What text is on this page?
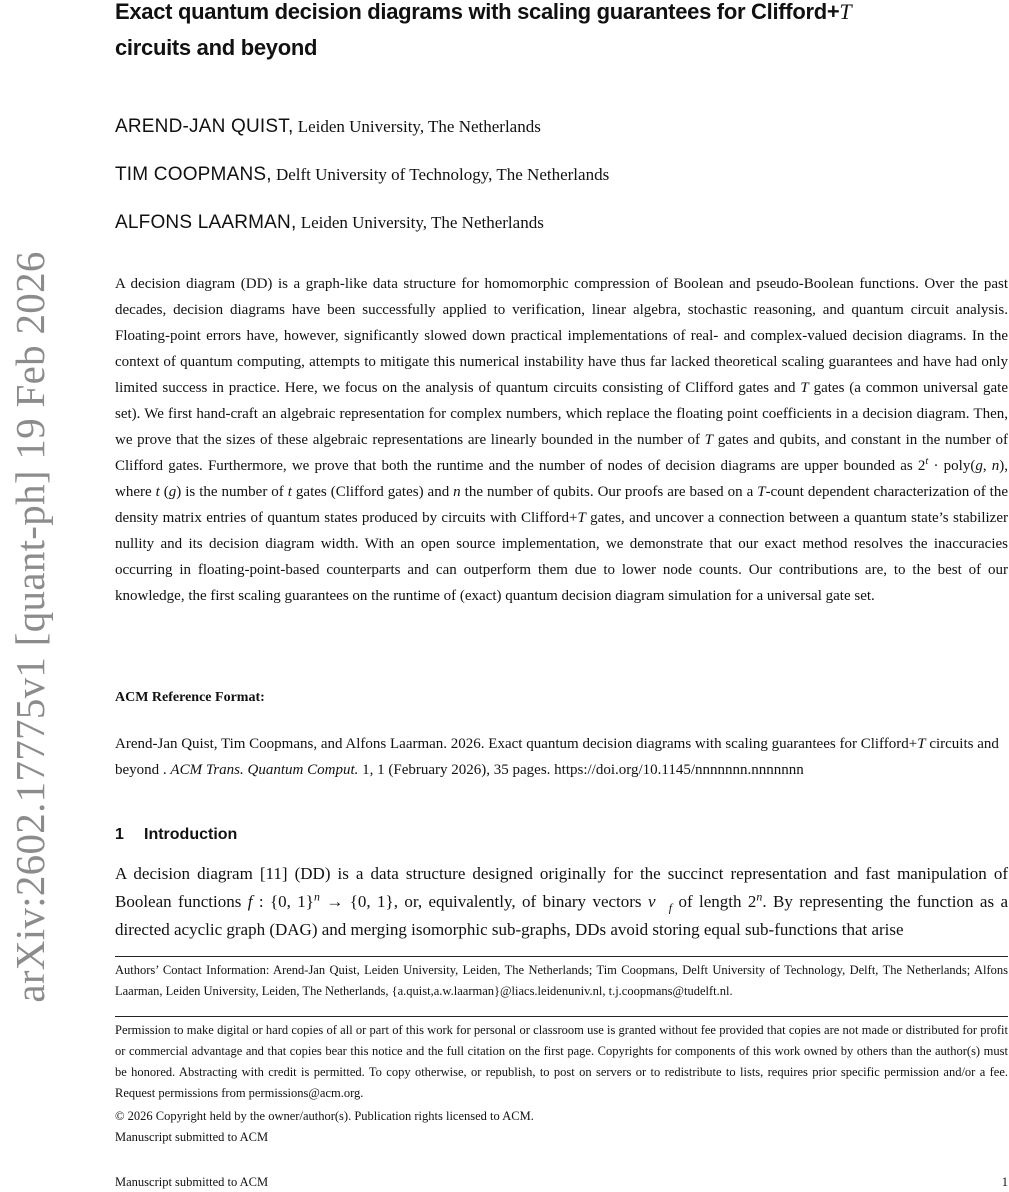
arXiv:2602.17775v1 [quant-ph] 19 Feb 2026
Exact quantum decision diagrams with scaling guarantees for Clifford+T
circuits and beyond
AREND-JAN QUIST, Leiden University, The Netherlands
TIM COOPMANS, Delft University of Technology, The Netherlands
ALFONS LAARMAN, Leiden University, The Netherlands
A decision diagram (DD) is a graph-like data structure for homomorphic compression of Boolean and pseudo-Boolean functions. Over the past decades, decision diagrams have been successfully applied to verification, linear algebra, stochastic reasoning, and quantum circuit analysis. Floating-point errors have, however, significantly slowed down practical implementations of real- and complex-valued decision diagrams. In the context of quantum computing, attempts to mitigate this numerical instability have thus far lacked theoretical scaling guarantees and have had only limited success in practice. Here, we focus on the analysis of quantum circuits consisting of Clifford gates and T gates (a common universal gate set). We first hand-craft an algebraic representation for complex numbers, which replace the floating point coefficients in a decision diagram. Then, we prove that the sizes of these algebraic representations are linearly bounded in the number of T gates and qubits, and constant in the number of Clifford gates. Furthermore, we prove that both the runtime and the number of nodes of decision diagrams are upper bounded as $2^t$ · poly(g, n), where t (g) is the number of t gates (Clifford gates) and n the number of qubits. Our proofs are based on a T-count dependent characterization of the density matrix entries of quantum states produced by circuits with Clifford+T gates, and uncover a connection between a quantum state’s stabilizer nullity and its decision diagram width. With an open source implementation, we demonstrate that our exact method resolves the inaccuracies occurring in floating-point-based counterparts and can outperform them due to lower node counts. Our contributions are, to the best of our knowledge, the first scaling guarantees on the runtime of (exact) quantum decision diagram simulation for a universal gate set.
ACM Reference Format:
Arend-Jan Quist, Tim Coopmans, and Alfons Laarman. 2026. Exact quantum decision diagrams with scaling guarantees for Clifford+T circuits and beyond . ACM Trans. Quantum Comput. 1, 1 (February 2026), 35 pages. https://doi.org/10.1145/nnnnnnn.nnnnnnn
1 Introduction
A decision diagram [11] (DD) is a data structure designed originally for the succinct representation and fast manipulation of Boolean functions f : {0, 1}$^n$ → {0, 1}, or, equivalently, of binary vectors $v⃗_f$ of length 2$^n$. By representing the function as a directed acyclic graph (DAG) and merging isomorphic sub-graphs, DDs avoid storing equal sub-functions that arise
Authors’ Contact Information: Arend-Jan Quist, Leiden University, Leiden, The Netherlands; Tim Coopmans, Delft University of Technology, Delft, The Netherlands; Alfons Laarman, Leiden University, Leiden, The Netherlands, {a.quist,a.w.laarman}@liacs.leidenuniv.nl, t.j.coopmans@tudelft.nl.
Permission to make digital or hard copies of all or part of this work for personal or classroom use is granted without fee provided that copies are not made or distributed for profit or commercial advantage and that copies bear this notice and the full citation on the first page. Copyrights for components of this work owned by others than the author(s) must be honored. Abstracting with credit is permitted. To copy otherwise, or republish, to post on servers or to redistribute to lists, requires prior specific permission and/or a fee. Request permissions from permissions@acm.org.
© 2026 Copyright held by the owner/author(s). Publication rights licensed to ACM.
Manuscript submitted to ACM
Manuscript submitted to ACM	1
